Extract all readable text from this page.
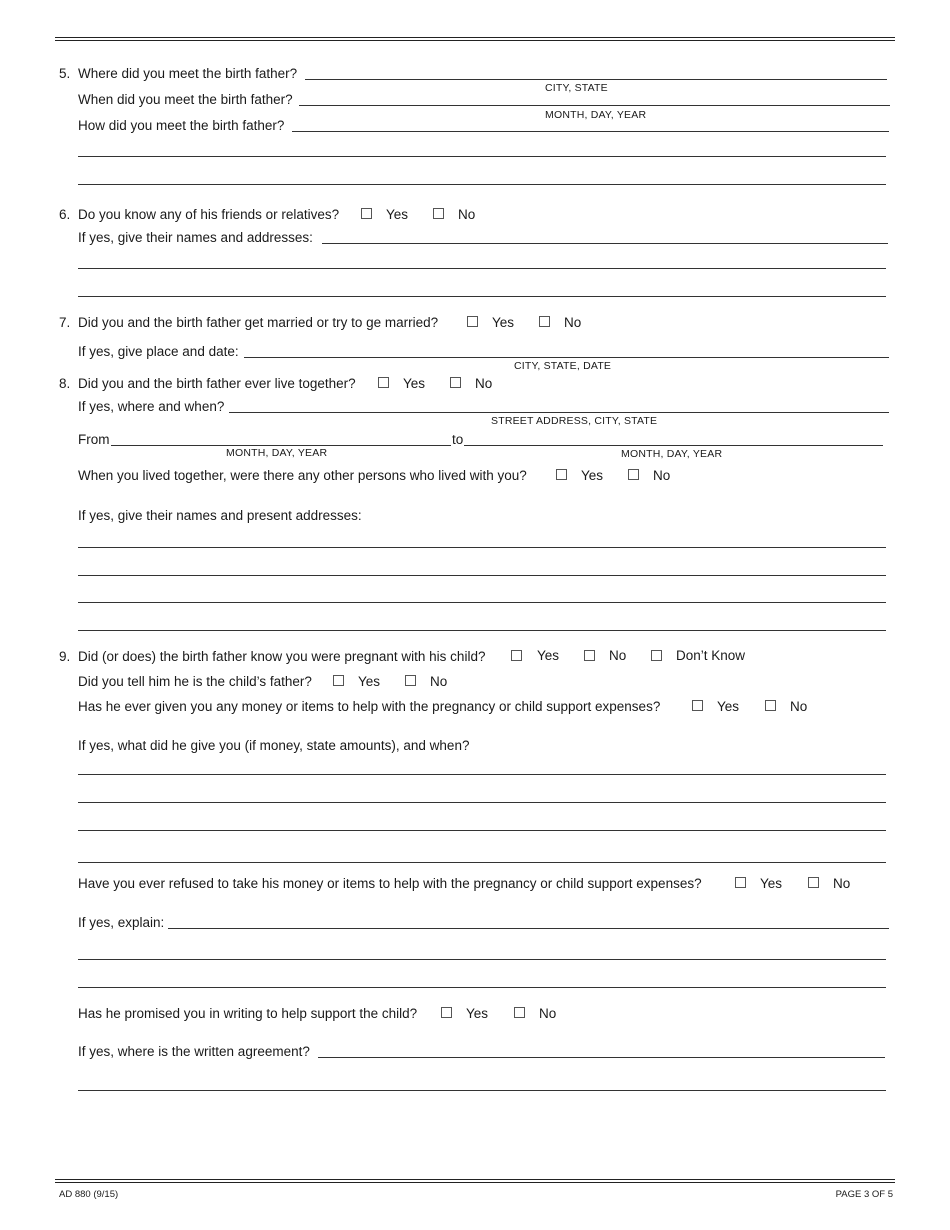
5. Where did you meet the birth father?
CITY, STATE
When did you meet the birth father?
MONTH, DAY, YEAR
How did you meet the birth father?
6. Do you know any of his friends or relatives?	Yes	No
If yes, give their names and addresses:
7. Did you and the birth father get married or try to ge married?	Yes	No
If yes, give place and date:
CITY, STATE, DATE
8. Did you and the birth father ever live together?	Yes	No
If yes, where and when?
STREET ADDRESS, CITY, STATE
From	to
MONTH, DAY, YEAR	MONTH, DAY, YEAR
When you lived together, were there any other persons who lived with you?	Yes	No
If yes, give their names and present addresses:
9. Did (or does) the birth father know you were pregnant with his child?	Yes	No	Don’t Know
Did you tell him he is the child’s father?	Yes	No
Has he ever given you any money or items to help with the pregnancy or child support expenses?	Yes	No
If yes, what did he give you (if money, state amounts), and when?
Have you ever refused to take his money or items to help with the pregnancy or child support expenses?	Yes	No
If yes, explain:
Has he promised you in writing to help support the child?	Yes	No
If yes, where is the written agreement?
AD 880 (9/15)	PAGE 3 OF 5
